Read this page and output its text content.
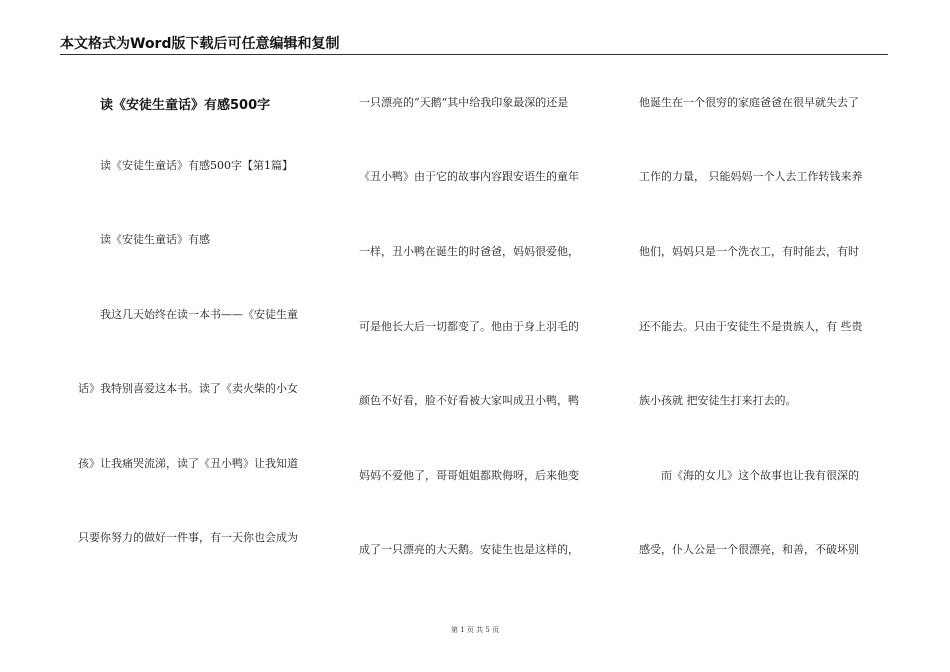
本文格式为Word版下载后可任意编辑和复制
读《安徒生童话》有感500字
读《安徒生童话》有感500字【第1篇】
读《安徒生童话》有感
我这几天始终在读一本书——《安徒生童
话》我特别喜爱这本书。读了《卖火柴的小女
孩》让我痛哭流涕，读了《丑小鸭》让我知道
只要你努力的做好一件事，有一天你也会成为
一只漂亮的“天鹅“其中给我印象最深的还是
《丑小鸭》由于它的故事内容跟安语生的童年
一样，丑小鸭在诞生的时爸爸，妈妈很爱他，
可是他长大后一切都变了。他由于身上羽毛的
颜色不好看，脸不好看被大家叫成丑小鸭，鸭
妈妈不爱他了，哥哥姐姐都欺侮呀，后来他变
成了一只漂亮的大天鹅。安徒生也是这样的，
他诞生在一个很穷的家庭爸爸在很早就失去了
工作的力量， 只能妈妈一个人去工作转钱来养
他们，妈妈只是一个洗衣工，有时能去，有时
还不能去。只由于安徒生不是贵族人，有 些贵
族小孩就 把安徒生打来打去的。
而《海的女儿》这个故事也让我有很深的
感受，仆人公是一个很漂亮，和善，不破坏别
第 1 页 共 5 页
